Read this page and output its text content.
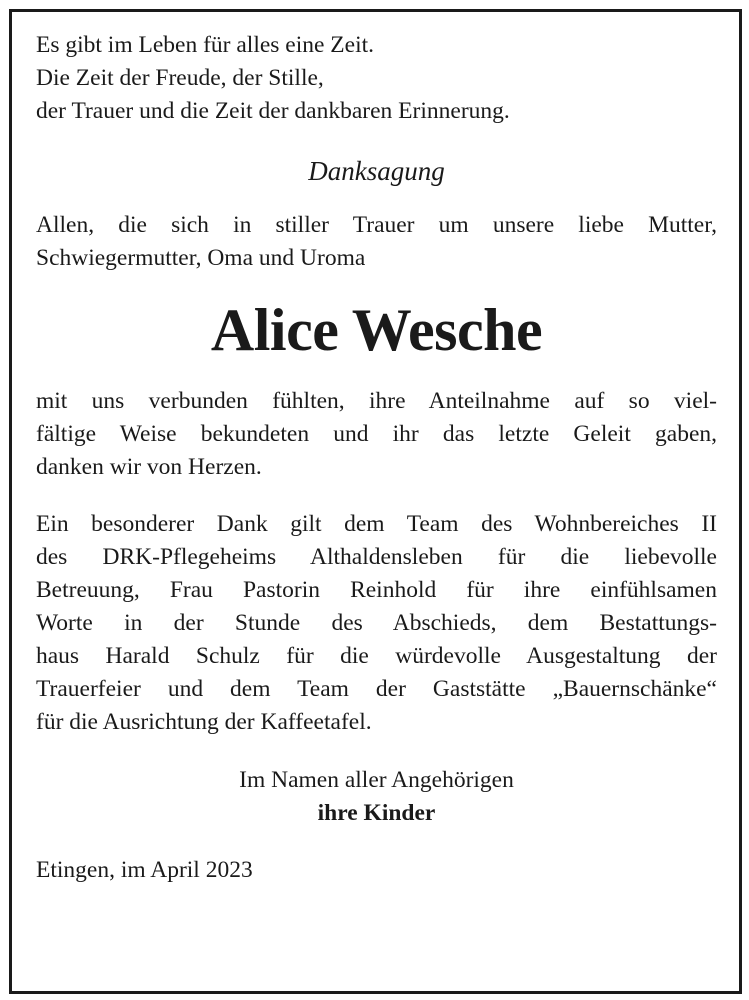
Es gibt im Leben für alles eine Zeit.
Die Zeit der Freude, der Stille,
der Trauer und die Zeit der dankbaren Erinnerung.
Danksagung
Allen, die sich in stiller Trauer um unsere liebe Mutter,
Schwiegermutter, Oma und Uroma
Alice Wesche
mit uns verbunden fühlten, ihre Anteilnahme auf so viel-
fältige Weise bekundeten und ihr das letzte Geleit gaben,
danken wir von Herzen.
Ein besonderer Dank gilt dem Team des Wohnbereiches II
des DRK-Pflegeheims Althaldensleben für die liebevolle
Betreuung, Frau Pastorin Reinhold für ihre einfühlsamen
Worte in der Stunde des Abschieds, dem Bestattungs-
haus Harald Schulz für die würdevolle Ausgestaltung der
Trauerfeier und dem Team der Gaststätte „Bauernschänke“
für die Ausrichtung der Kaffeetafel.
Im Namen aller Angehörigen
ihre Kinder
Etingen, im April 2023
